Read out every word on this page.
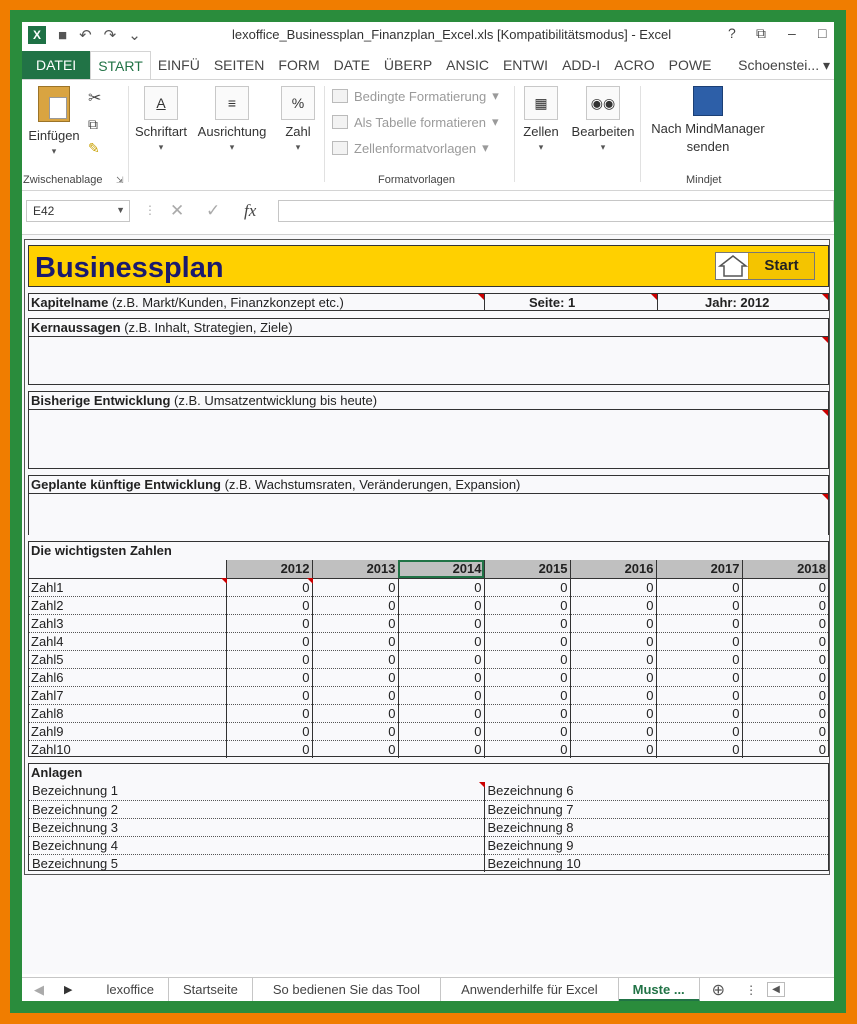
X	■ ↶ ↷ ⌄	lexoffice_Businessplan_Finanzplan_Excel.xls [Kompatibilitätsmodus] - Excel	? ⧉ – □
DATEI	START	EINFÜ	SEITEN	FORM	DATE	ÜBERP	ANSIC	ENTWI	ADD-I	ACRO	POWE	Schoenstei... ▾
Einfügen
▾
✂
⧉
✎
Zwischenablage ⇲
A
Schriftart
▾
≡
Ausrichtung
▾
%
Zahl
▾
Bedingte Formatierung ▾
Als Tabelle formatieren ▾
Zellenformatvorlagen ▾
Formatvorlagen
▦
Zellen
▾
◉◉
Bearbeiten
▾
Nach MindManager
senden
Mindjet
E42	▼ ⋮ ✕ ✓ fx
Businessplan	Start
Kapitelname (z.B. Markt/Kunden, Finanzkonzept etc.)	Seite: 1	Jahr: 2012
Kernaussagen (z.B. Inhalt, Strategien, Ziele)
Bisherige Entwicklung (z.B. Umsatzentwicklung bis heute)
Geplante künftige Entwicklung (z.B. Wachstumsraten, Veränderungen, Expansion)
Die wichtigsten Zahlen
	2012	2013	2014	2015	2016	2017	2018
Zahl1	0	0	0	0	0	0	0
Zahl2	0	0	0	0	0	0	0
Zahl3	0	0	0	0	0	0	0
Zahl4	0	0	0	0	0	0	0
Zahl5	0	0	0	0	0	0	0
Zahl6	0	0	0	0	0	0	0
Zahl7	0	0	0	0	0	0	0
Zahl8	0	0	0	0	0	0	0
Zahl9	0	0	0	0	0	0	0
Zahl10	0	0	0	0	0	0	0
Anlagen
Bezeichnung 1	Bezeichnung 6
Bezeichnung 2	Bezeichnung 7
Bezeichnung 3	Bezeichnung 8
Bezeichnung 4	Bezeichnung 9
Bezeichnung 5	Bezeichnung 10
◀	▶	lexoffice	Startseite	So bedienen Sie das Tool	Anwenderhilfe für Excel	Muste ...	⊕ ⋮	◀
